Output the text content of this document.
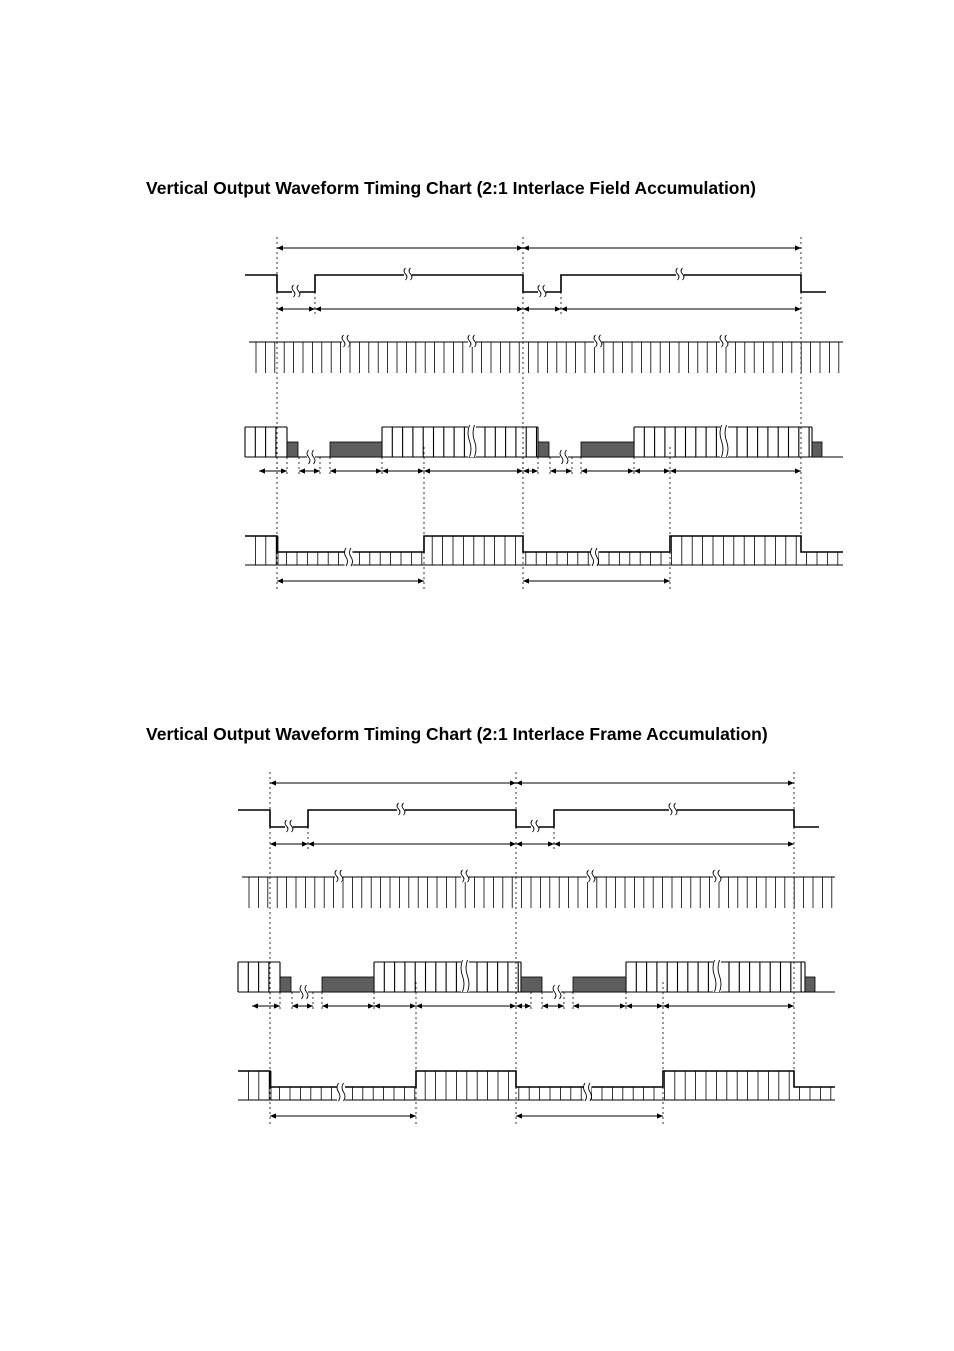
Vertical Output Waveform Timing Chart (2:1 Interlace Field Accumulation)
Vertical Output Waveform Timing Chart (2:1 Interlace Frame Accumulation)
